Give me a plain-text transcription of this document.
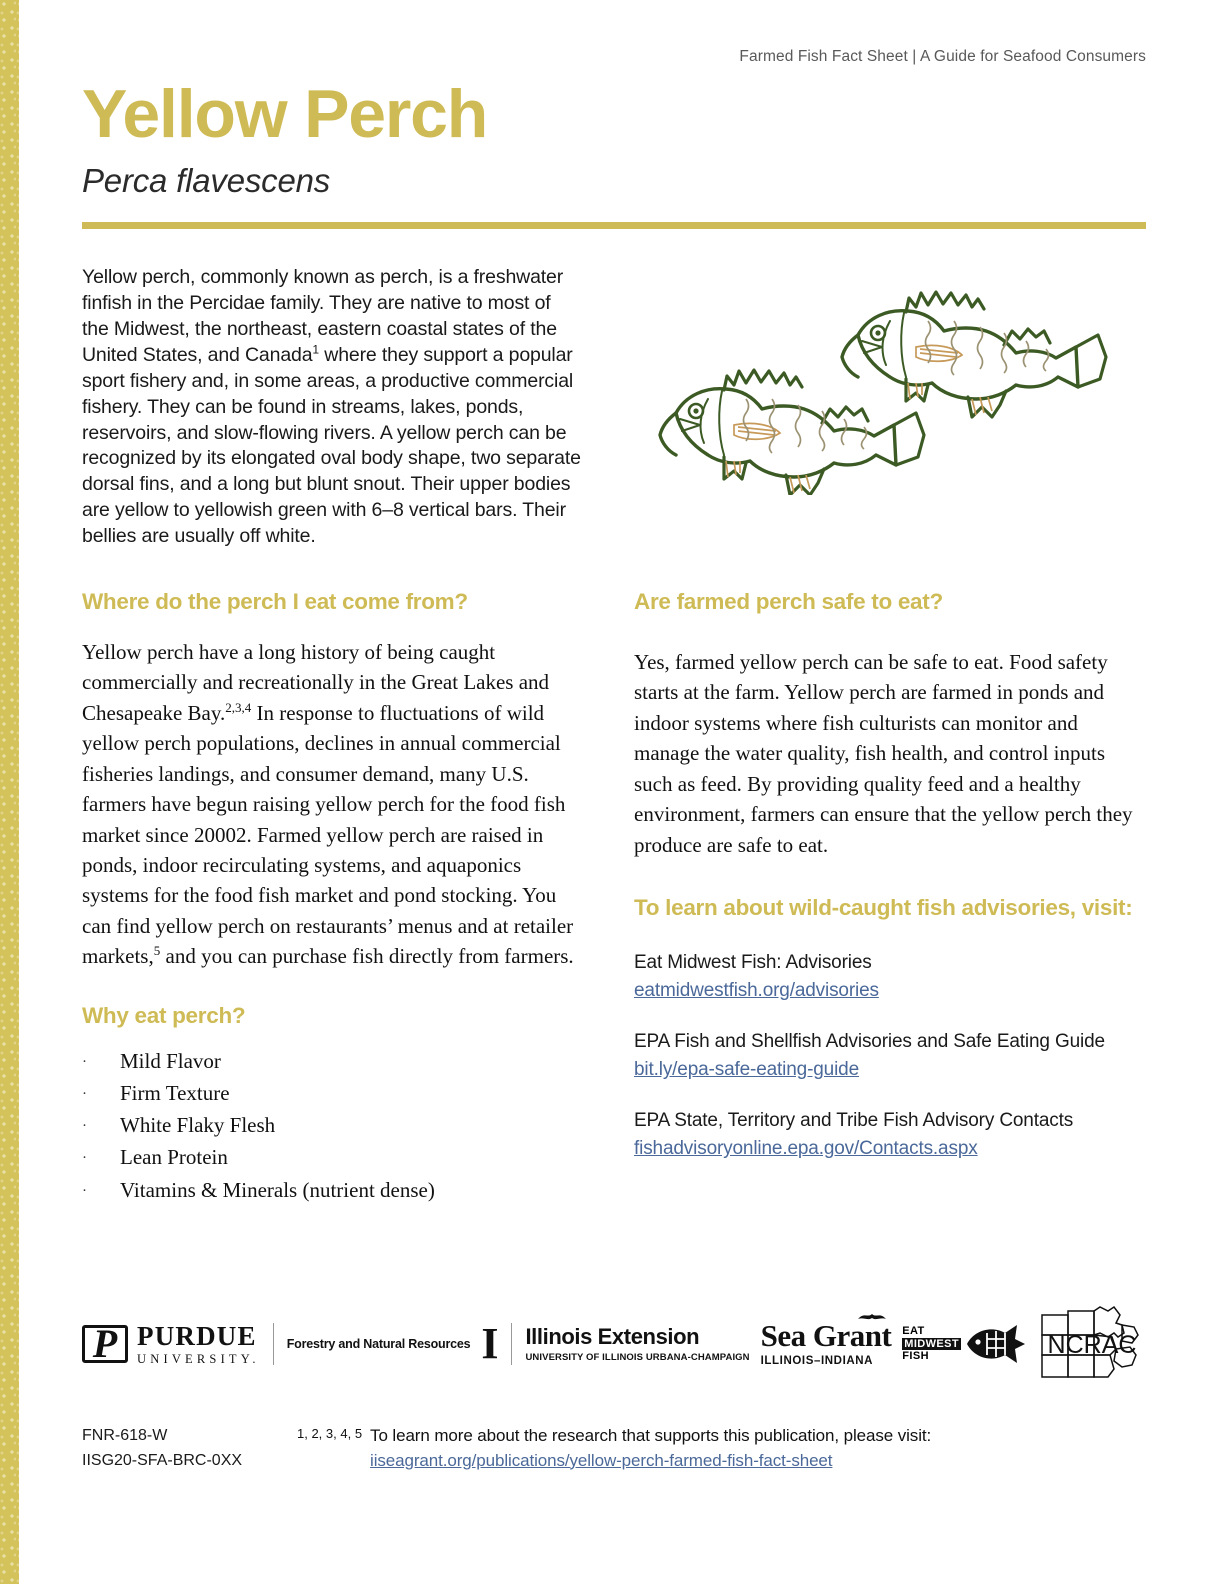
Farmed Fish Fact Sheet | A Guide for Seafood Consumers
Yellow Perch
Perca flavescens
Yellow perch, commonly known as perch, is a freshwater finfish in the Percidae family. They are native to most of the Midwest, the northeast, eastern coastal states of the United States, and Canada$^1$ where they support a popular sport fishery and, in some areas, a productive commercial fishery. They can be found in streams, lakes, ponds, reservoirs, and slow-flowing rivers. A yellow perch can be recognized by its elongated oval body shape, two separate dorsal fins, and a long but blunt snout. Their upper bodies are yellow to yellowish green with 6–8 vertical bars. Their bellies are usually off white.
Where do the perch I eat come from?

Yellow perch have a long history of being caught commercially and recreationally in the Great Lakes and Chesapeake Bay.$^{2,3,4}$ In response to fluctuations of wild yellow perch populations, declines in annual commercial fisheries landings, and consumer demand, many U.S. farmers have begun raising yellow perch for the food fish market since 20002. Farmed yellow perch are raised in ponds, indoor recirculating systems, and aquaponics systems for the food fish market and pond stocking. You can find yellow perch on restaurants’ menus and at retailer markets,$^5$ and you can purchase fish directly from farmers.

Why eat perch?
·	Mild Flavor
·	Firm Texture
·	White Flaky Flesh
·	Lean Protein
·	Vitamins & Minerals (nutrient dense)
Are farmed perch safe to eat?

Yes, farmed yellow perch can be safe to eat. Food safety starts at the farm. Yellow perch are farmed in ponds and indoor systems where fish culturists can monitor and manage the water quality, fish health, and control inputs such as feed. By providing quality feed and a healthy environment, farmers can ensure that the yellow perch they produce are safe to eat.

To learn about wild-caught fish advisories, visit:
Eat Midwest Fish: Advisories
eatmidwestfish.org/advisories
EPA Fish and Shellfish Advisories and Safe Eating Guide
bit.ly/epa-safe-eating-guide
EPA State, Territory and Tribe Fish Advisory Contacts
fishadvisoryonline.epa.gov/Contacts.aspx
P PURDUE
UNIVERSITY.
Forestry and Natural Resources I Illinois Extension
UNIVERSITY OF ILLINOIS URBANA-CHAMPAIGN
Sea Grant
ILLINOIS–INDIANA
EAT
MIDWEST
FISH	NCRAC
FNR-618-W
IISG20-SFA-BRC-0XX
1, 2, 3, 4, 5 To learn more about the research that supports this publication, please visit:
iiseagrant.org/publications/yellow-perch-farmed-fish-fact-sheet
